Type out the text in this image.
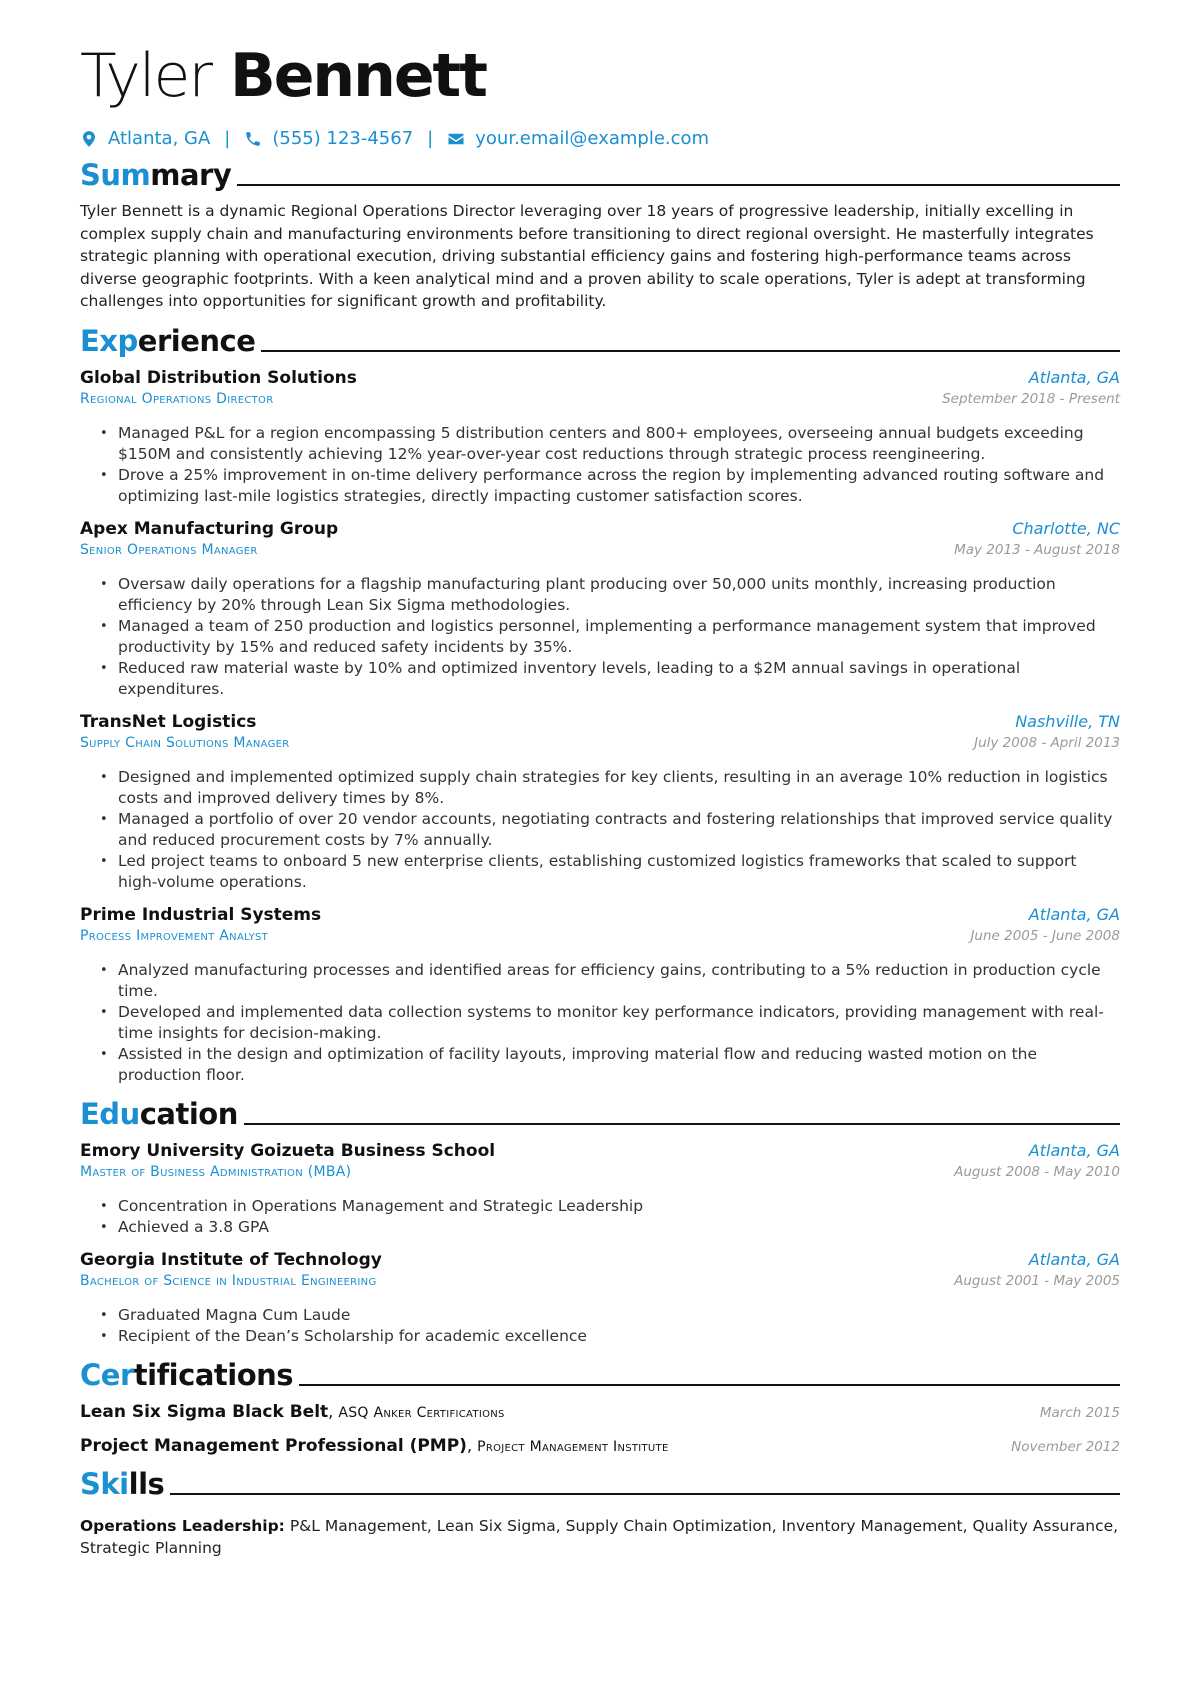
Tyler Bennett
Atlanta, GA | (555) 123-4567 | your.email@example.com
Summary
Tyler Bennett is a dynamic Regional Operations Director leveraging over 18 years of progressive leadership, initially excelling in complex supply chain and manufacturing environments before transitioning to direct regional oversight. He masterfully integrates strategic planning with operational execution, driving substantial efficiency gains and fostering high-performance teams across diverse geographic footprints. With a keen analytical mind and a proven ability to scale operations, Tyler is adept at transforming challenges into opportunities for significant growth and profitability.
Experience
Global Distribution Solutions	Atlanta, GA
Regional Operations Director	September 2018 - Present
• Managed P&L for a region encompassing 5 distribution centers and 800+ employees, overseeing annual budgets exceeding $150M and consistently achieving 12% year-over-year cost reductions through strategic process reengineering.
• Drove a 25% improvement in on-time delivery performance across the region by implementing advanced routing software and optimizing last-mile logistics strategies, directly impacting customer satisfaction scores.
Apex Manufacturing Group	Charlotte, NC
Senior Operations Manager	May 2013 - August 2018
• Oversaw daily operations for a flagship manufacturing plant producing over 50,000 units monthly, increasing production efficiency by 20% through Lean Six Sigma methodologies.
• Managed a team of 250 production and logistics personnel, implementing a performance management system that improved productivity by 15% and reduced safety incidents by 35%.
• Reduced raw material waste by 10% and optimized inventory levels, leading to a $2M annual savings in operational expenditures.
TransNet Logistics	Nashville, TN
Supply Chain Solutions Manager	July 2008 - April 2013
• Designed and implemented optimized supply chain strategies for key clients, resulting in an average 10% reduction in logistics costs and improved delivery times by 8%.
• Managed a portfolio of over 20 vendor accounts, negotiating contracts and fostering relationships that improved service quality and reduced procurement costs by 7% annually.
• Led project teams to onboard 5 new enterprise clients, establishing customized logistics frameworks that scaled to support high-volume operations.
Prime Industrial Systems	Atlanta, GA
Process Improvement Analyst	June 2005 - June 2008
• Analyzed manufacturing processes and identified areas for efficiency gains, contributing to a 5% reduction in production cycle time.
• Developed and implemented data collection systems to monitor key performance indicators, providing management with real-time insights for decision-making.
• Assisted in the design and optimization of facility layouts, improving material flow and reducing wasted motion on the production floor.
Education
Emory University Goizueta Business School	Atlanta, GA
Master of Business Administration (MBA)	August 2008 - May 2010
• Concentration in Operations Management and Strategic Leadership
• Achieved a 3.8 GPA
Georgia Institute of Technology	Atlanta, GA
Bachelor of Science in Industrial Engineering	August 2001 - May 2005
• Graduated Magna Cum Laude
• Recipient of the Dean’s Scholarship for academic excellence
Certifications
Lean Six Sigma Black Belt, ASQ Anker Certifications	March 2015
Project Management Professional (PMP), Project Management Institute	November 2012
Skills
Operations Leadership: P&L Management, Lean Six Sigma, Supply Chain Optimization, Inventory Management, Quality Assurance, Strategic Planning
